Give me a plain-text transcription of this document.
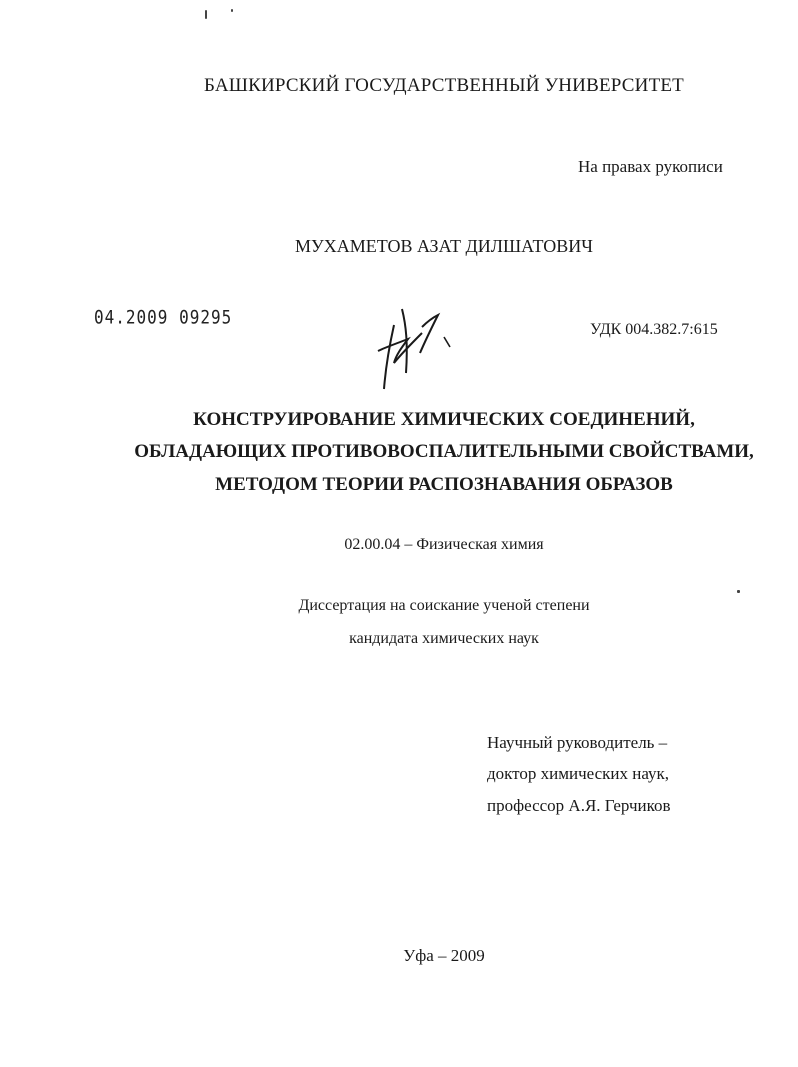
БАШКИРСКИЙ ГОСУДАРСТВЕННЫЙ УНИВЕРСИТЕТ
На правах рукописи
МУХАМЕТОВ АЗАТ ДИЛШАТОВИЧ
04.2009 09295
УДК 004.382.7:615
КОНСТРУИРОВАНИЕ ХИМИЧЕСКИХ СОЕДИНЕНИЙ,
ОБЛАДАЮЩИХ ПРОТИВОВОСПАЛИТЕЛЬНЫМИ СВОЙСТВАМИ,
МЕТОДОМ ТЕОРИИ РАСПОЗНАВАНИЯ ОБРАЗОВ
02.00.04 – Физическая химия
Диссертация на соискание ученой степени
кандидата химических наук
Научный руководитель –
доктор химических наук,
профессор А.Я. Герчиков
Уфа – 2009
